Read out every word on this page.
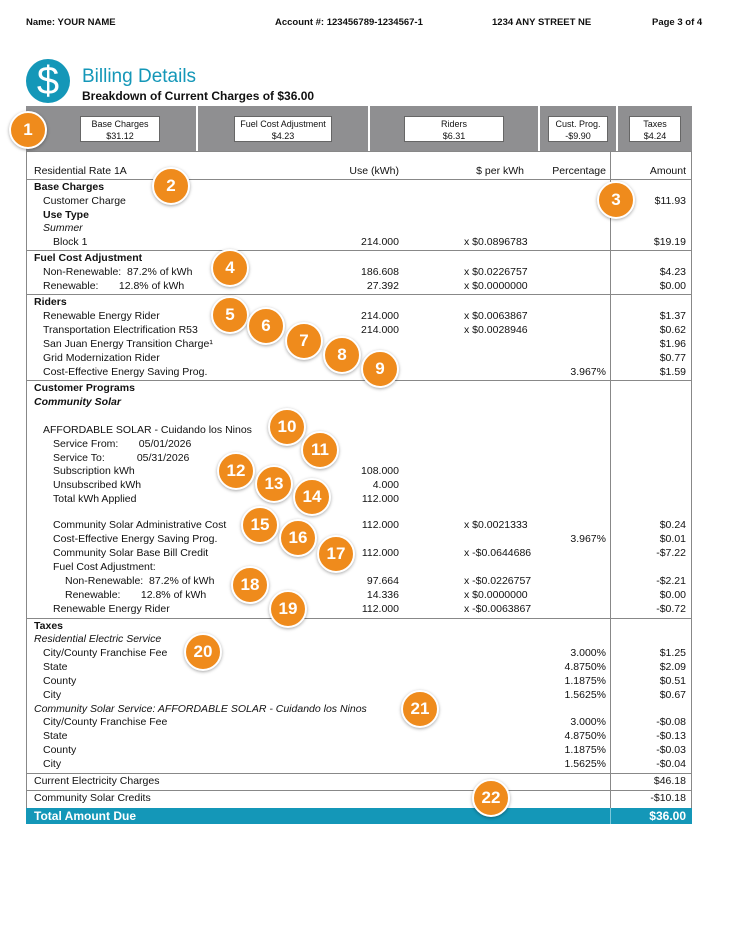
Name: YOUR NAME	Account #: 123456789-1234567-1	1234 ANY STREET NE	Page 3 of 4
$	Billing Details
Breakdown of Current Charges of $36.00
Base Charges
$31.12
Fuel Cost Adjustment
$4.23
Riders
$6.31
Cust. Prog.
-$9.90
Taxes
$4.24
Residential Rate 1A	Use (kWh)	$ per kWh	Percentage	Amount
Base Charges
Customer Charge	$11.93
Use Type
Summer
Block 1	214.000	x $0.0896783	$19.19
Fuel Cost Adjustment
Non-Renewable:  87.2% of kWh	186.608	x $0.0226757	$4.23
Renewable:       12.8% of kWh	27.392	x $0.0000000	$0.00
Riders
Renewable Energy Rider	214.000	x $0.0063867	$1.37
Transportation Electrification R53	214.000	x $0.0028946	$0.62
San Juan Energy Transition Charge¹	$1.96
Grid Modernization Rider	$0.77
Cost-Effective Energy Saving Prog.	3.967%	$1.59
Customer Programs
Community Solar
AFFORDABLE SOLAR - Cuidando los Ninos
Service From:       05/01/2026
Service To:           05/31/2026
Subscription kWh	108.000
Unsubscribed kWh	4.000
Total kWh Applied	112.000
Community Solar Administrative Cost	112.000	x $0.0021333	$0.24
Cost-Effective Energy Saving Prog.	3.967%	$0.01
Community Solar Base Bill Credit	112.000	x -$0.0644686	-$7.22
Fuel Cost Adjustment:
Non-Renewable:  87.2% of kWh	97.664	x -$0.0226757	-$2.21
Renewable:       12.8% of kWh	14.336	x $0.0000000	$0.00
Renewable Energy Rider	112.000	x -$0.0063867	-$0.72
Taxes
Residential Electric Service
City/County Franchise Fee	3.000%	$1.25
State	4.8750%	$2.09
County	1.1875%	$0.51
City	1.5625%	$0.67
Community Solar Service: AFFORDABLE SOLAR - Cuidando los Ninos
City/County Franchise Fee	3.000%	-$0.08
State	4.8750%	-$0.13
County	1.1875%	-$0.03
City	1.5625%	-$0.04
Current Electricity Charges	$46.18
Community Solar Credits	-$10.18
Total Amount Due	$36.00
1
2
3
4
5
6
7
8
9
10
11
12
13
14
15
16
17
18
19
20
21
22
